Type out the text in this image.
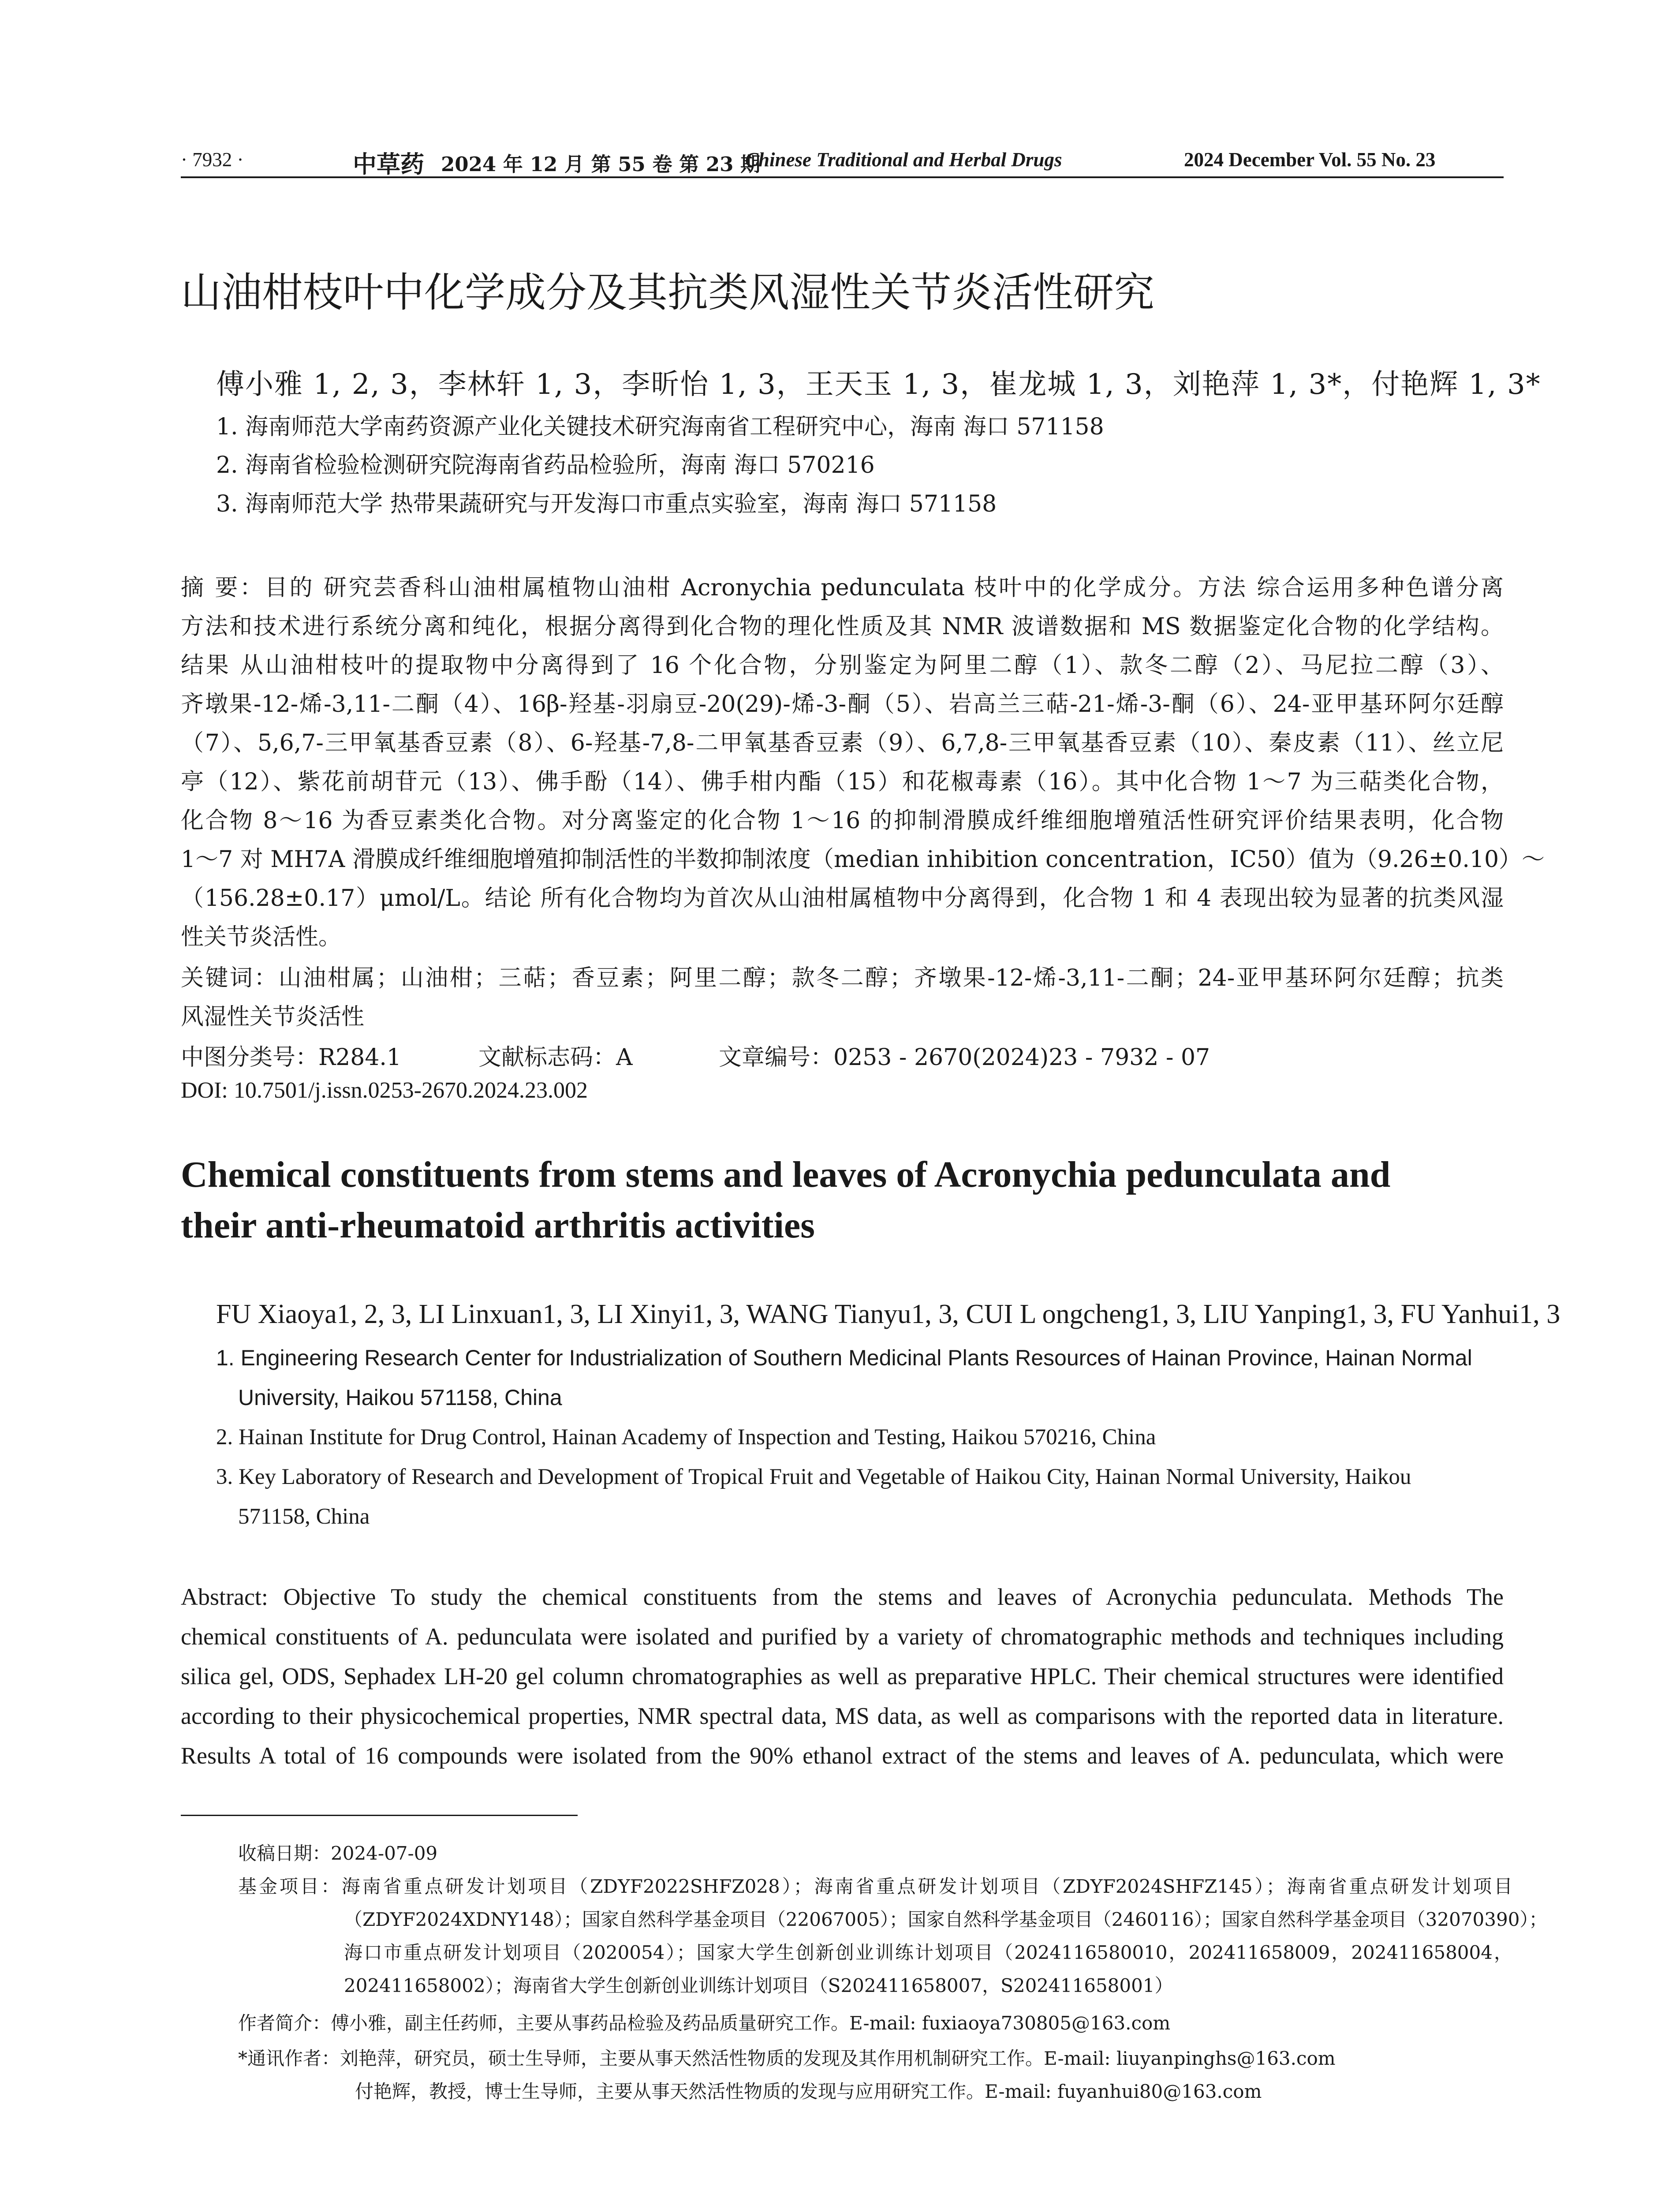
· 7932 ·	中草药 2024 年 12 月 第 55 卷 第 23 期
Chinese Traditional and Herbal Drugs	2024 December Vol. 55 No. 23
山油柑枝叶中化学成分及其抗类风湿性关节炎活性研究
傅小雅 1, 2, 3，李林轩 1, 3，李昕怡 1, 3，王天玉 1, 3，崔龙城 1, 3，刘艳萍 1, 3*，付艳辉 1, 3*
1. 海南师范大学南药资源产业化关键技术研究海南省工程研究中心，海南 海口 571158
2. 海南省检验检测研究院海南省药品检验所，海南 海口 570216
3. 海南师范大学 热带果蔬研究与开发海口市重点实验室，海南 海口 571158
摘 要：目的 研究芸香科山油柑属植物山油柑 Acronychia pedunculata 枝叶中的化学成分。方法 综合运用多种色谱分离
方法和技术进行系统分离和纯化，根据分离得到化合物的理化性质及其 NMR 波谱数据和 MS 数据鉴定化合物的化学结构。
结果 从山油柑枝叶的提取物中分离得到了 16 个化合物，分别鉴定为阿里二醇（1）、款冬二醇（2）、马尼拉二醇（3）、
齐墩果-12-烯-3,11-二酮（4）、16β-羟基-羽扇豆-20(29)-烯-3-酮（5）、岩高兰三萜-21-烯-3-酮（6）、24-亚甲基环阿尔廷醇
（7）、5,6,7-三甲氧基香豆素（8）、6-羟基-7,8-二甲氧基香豆素（9）、6,7,8-三甲氧基香豆素（10）、秦皮素（11）、丝立尼
亭（12）、紫花前胡苷元（13）、佛手酚（14）、佛手柑内酯（15）和花椒毒素（16）。其中化合物 1～7 为三萜类化合物，
化合物 8～16 为香豆素类化合物。对分离鉴定的化合物 1～16 的抑制滑膜成纤维细胞增殖活性研究评价结果表明，化合物
1～7 对 MH7A 滑膜成纤维细胞增殖抑制活性的半数抑制浓度（median inhibition concentration，IC50）值为（9.26±0.10）～
（156.28±0.17）μmol/L。结论 所有化合物均为首次从山油柑属植物中分离得到，化合物 1 和 4 表现出较为显著的抗类风湿
性关节炎活性。
关键词：山油柑属；山油柑；三萜；香豆素；阿里二醇；款冬二醇；齐墩果-12-烯-3,11-二酮；24-亚甲基环阿尔廷醇；抗类
风湿性关节炎活性
中图分类号：R284.1	文献标志码：A	文章编号：0253 - 2670(2024)23 - 7932 - 07
DOI: 10.7501/j.issn.0253-2670.2024.23.002
their anti-rheumatoid arthritis activities
Chemical constituents from stems and leaves of Acronychia pedunculata and
FU Xiaoya1, 2, 3, LI Linxuan1, 3, LI Xinyi1, 3, WANG Tianyu1, 3, CUI L ongcheng1, 3, LIU Yanping1, 3, FU Yanhui1, 3
1. Engineering Research Center for Industrialization of Southern Medicinal Plants Resources of Hainan Province, Hainan Normal
University, Haikou 571158, China
2. Hainan Institute for Drug Control, Hainan Academy of Inspection and Testing, Haikou 570216, China
3. Key Laboratory of Research and Development of Tropical Fruit and Vegetable of Haikou City, Hainan Normal University, Haikou
571158, China
Abstract: Objective To study the chemical constituents from the stems and leaves of Acronychia pedunculata. Methods The
chemical constituents of A. pedunculata were isolated and purified by a variety of chromatographic methods and techniques including
silica gel, ODS, Sephadex LH-20 gel column chromatographies as well as preparative HPLC. Their chemical structures were identified
according to their physicochemical properties, NMR spectral data, MS data, as well as comparisons with the reported data in literature.
Results A total of 16 compounds were isolated from the 90% ethanol extract of the stems and leaves of A. pedunculata, which were
收稿日期：2024-07-09
基金项目：海南省重点研发计划项目（ZDYF2022SHFZ028）；海南省重点研发计划项目（ZDYF2024SHFZ145）；海南省重点研发计划项目
（ZDYF2024XDNY148）；国家自然科学基金项目（22067005）；国家自然科学基金项目（2460116）；国家自然科学基金项目（32070390）；
海口市重点研发计划项目（2020054）；国家大学生创新创业训练计划项目（2024116580010，202411658009，202411658004，
202411658002）；海南省大学生创新创业训练计划项目（S202411658007，S202411658001）
作者简介：傅小雅，副主任药师，主要从事药品检验及药品质量研究工作。E-mail: fuxiaoya730805@163.com
*通讯作者：刘艳萍，研究员，硕士生导师，主要从事天然活性物质的发现及其作用机制研究工作。E-mail: liuyanpinghs@163.com
付艳辉，教授，博士生导师，主要从事天然活性物质的发现与应用研究工作。E-mail: fuyanhui80@163.com
